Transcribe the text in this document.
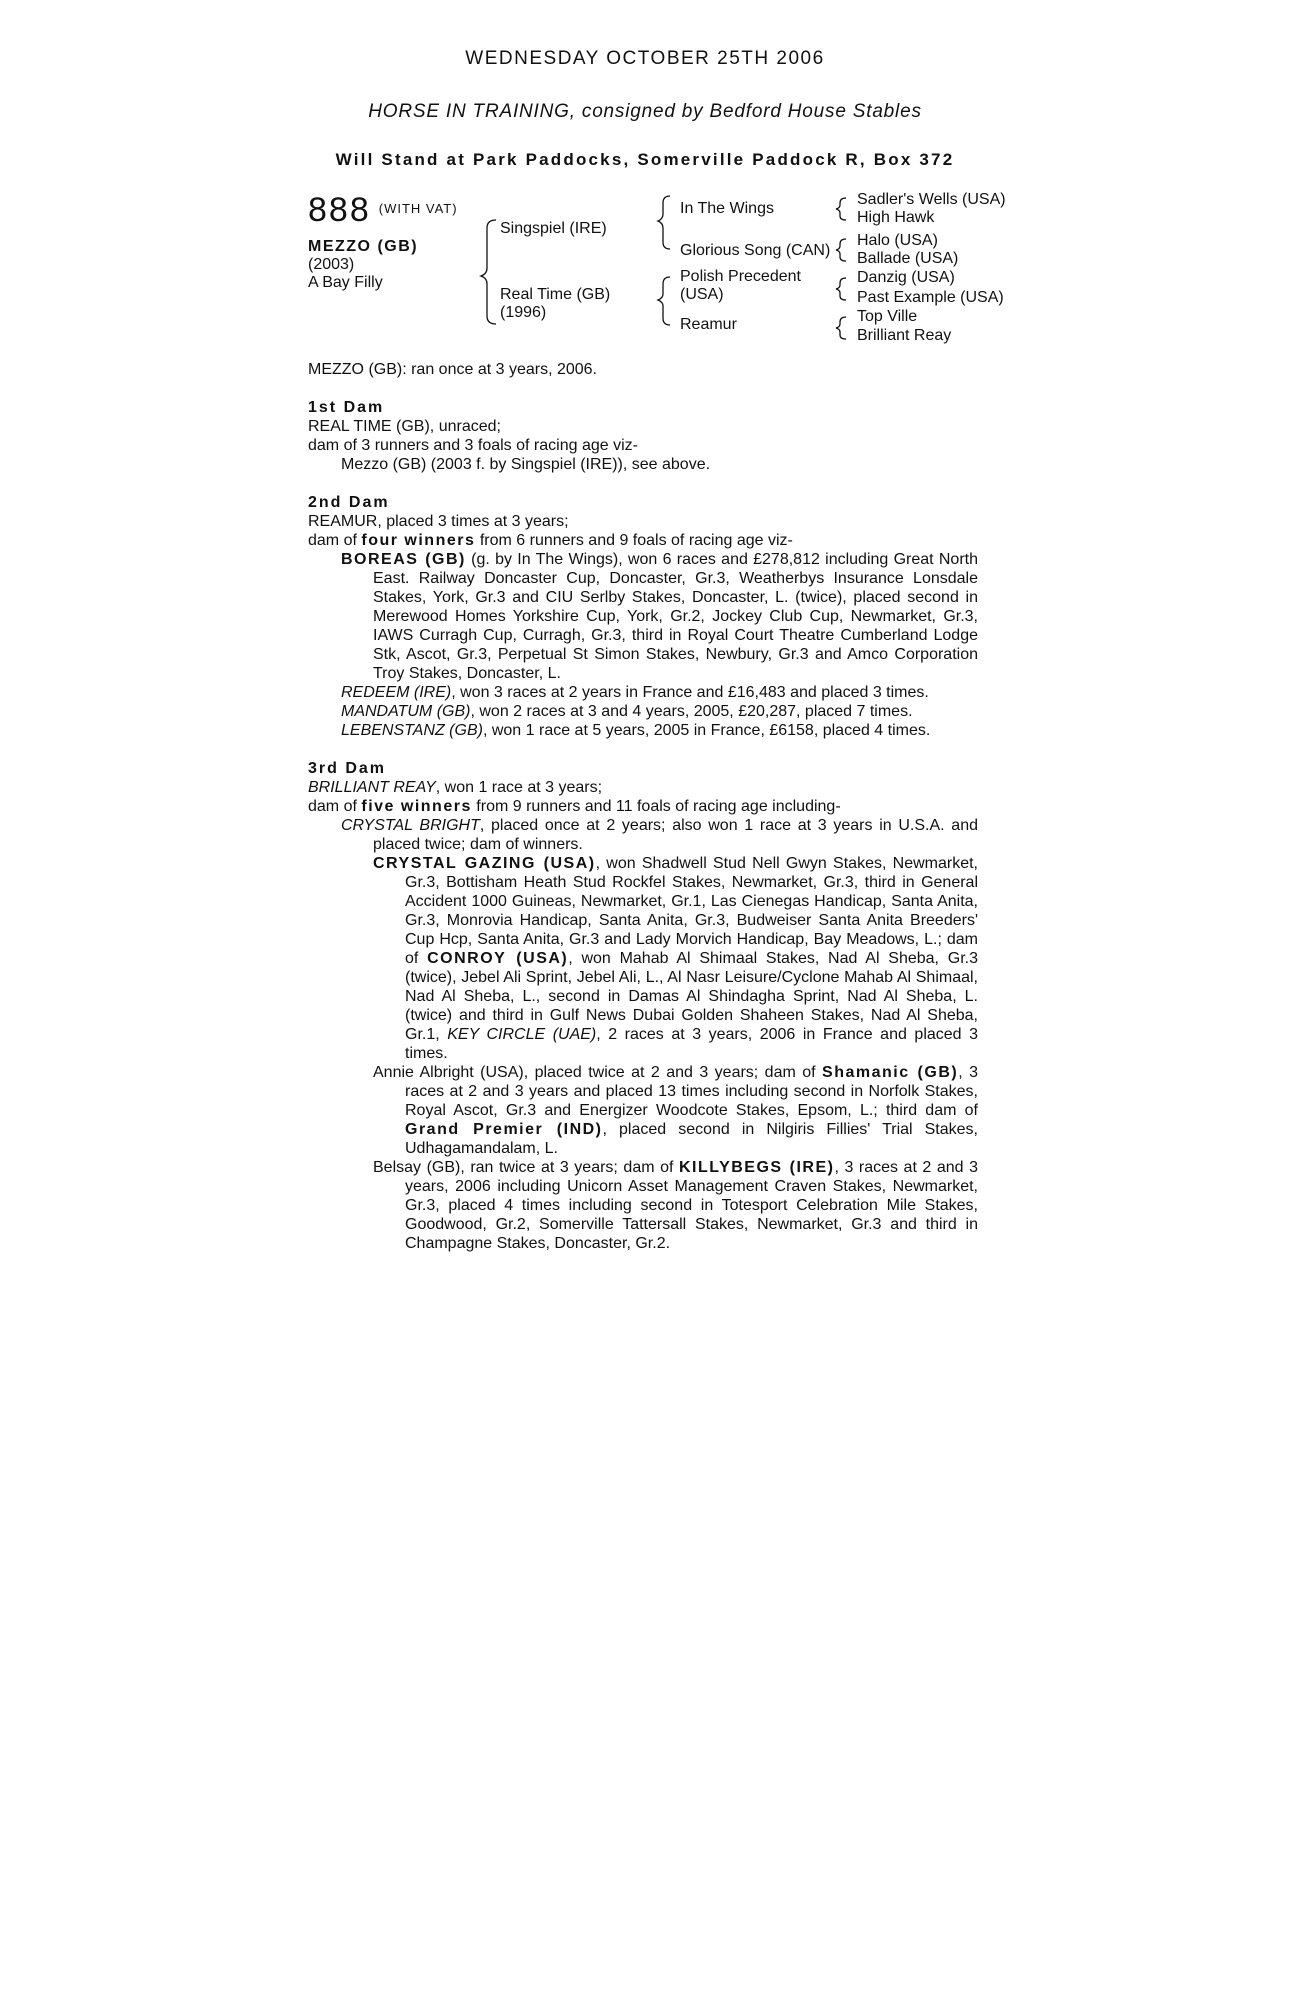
WEDNESDAY OCTOBER 25TH 2006
HORSE IN TRAINING, consigned by Bedford House Stables
Will Stand at Park Paddocks, Somerville Paddock R, Box 372
888 $^{(WITH VAT)}$
MEZZO (GB)
(2003)
A Bay Filly
Singspiel (IRE)
Real Time (GB)
(1996)
In The Wings
Glorious Song (CAN)
Polish Precedent
(USA)
Reamur
Sadler's Wells (USA)
High Hawk
Halo (USA)
Ballade (USA)
Danzig (USA)
Past Example (USA)
Top Ville
Brilliant Reay

MEZZO (GB): ran once at 3 years, 2006.

1st Dam

REAL TIME (GB), unraced;

dam of 3 runners and 3 foals of racing age viz-

Mezzo (GB) (2003 f. by Singspiel (IRE)), see above.

2nd Dam

REAMUR, placed 3 times at 3 years;

dam of four winners from 6 runners and 9 foals of racing age viz-

BOREAS (GB) (g. by In The Wings), won 6 races and £278,812 including Great North East. Railway Doncaster Cup, Doncaster, Gr.3, Weatherbys Insurance Lonsdale Stakes, York, Gr.3 and CIU Serlby Stakes, Doncaster, L. (twice), placed second in Merewood Homes Yorkshire Cup, York, Gr.2, Jockey Club Cup, Newmarket, Gr.3, IAWS Curragh Cup, Curragh, Gr.3, third in Royal Court Theatre Cumberland Lodge Stk, Ascot, Gr.3, Perpetual St Simon Stakes, Newbury, Gr.3 and Amco Corporation Troy Stakes, Doncaster, L.

REDEEM (IRE), won 3 races at 2 years in France and £16,483 and placed 3 times.

MANDATUM (GB), won 2 races at 3 and 4 years, 2005, £20,287, placed 7 times.

LEBENSTANZ (GB), won 1 race at 5 years, 2005 in France, £6158, placed 4 times.

3rd Dam

BRILLIANT REAY, won 1 race at 3 years;

dam of five winners from 9 runners and 11 foals of racing age including-

CRYSTAL BRIGHT, placed once at 2 years; also won 1 race at 3 years in U.S.A. and placed twice; dam of winners.

CRYSTAL GAZING (USA), won Shadwell Stud Nell Gwyn Stakes, Newmarket, Gr.3, Bottisham Heath Stud Rockfel Stakes, Newmarket, Gr.3, third in General Accident 1000 Guineas, Newmarket, Gr.1, Las Cienegas Handicap, Santa Anita, Gr.3, Monrovia Handicap, Santa Anita, Gr.3, Budweiser Santa Anita Breeders' Cup Hcp, Santa Anita, Gr.3 and Lady Morvich Handicap, Bay Meadows, L.; dam of CONROY (USA), won Mahab Al Shimaal Stakes, Nad Al Sheba, Gr.3 (twice), Jebel Ali Sprint, Jebel Ali, L., Al Nasr Leisure/Cyclone Mahab Al Shimaal, Nad Al Sheba, L., second in Damas Al Shindagha Sprint, Nad Al Sheba, L. (twice) and third in Gulf News Dubai Golden Shaheen Stakes, Nad Al Sheba, Gr.1, KEY CIRCLE (UAE), 2 races at 3 years, 2006 in France and placed 3 times.

Annie Albright (USA), placed twice at 2 and 3 years; dam of Shamanic (GB), 3 races at 2 and 3 years and placed 13 times including second in Norfolk Stakes, Royal Ascot, Gr.3 and Energizer Woodcote Stakes, Epsom, L.; third dam of Grand Premier (IND), placed second in Nilgiris Fillies' Trial Stakes, Udhagamandalam, L.

Belsay (GB), ran twice at 3 years; dam of KILLYBEGS (IRE), 3 races at 2 and 3 years, 2006 including Unicorn Asset Management Craven Stakes, Newmarket, Gr.3, placed 4 times including second in Totesport Celebration Mile Stakes, Goodwood, Gr.2, Somerville Tattersall Stakes, Newmarket, Gr.3 and third in Champagne Stakes, Doncaster, Gr.2.
